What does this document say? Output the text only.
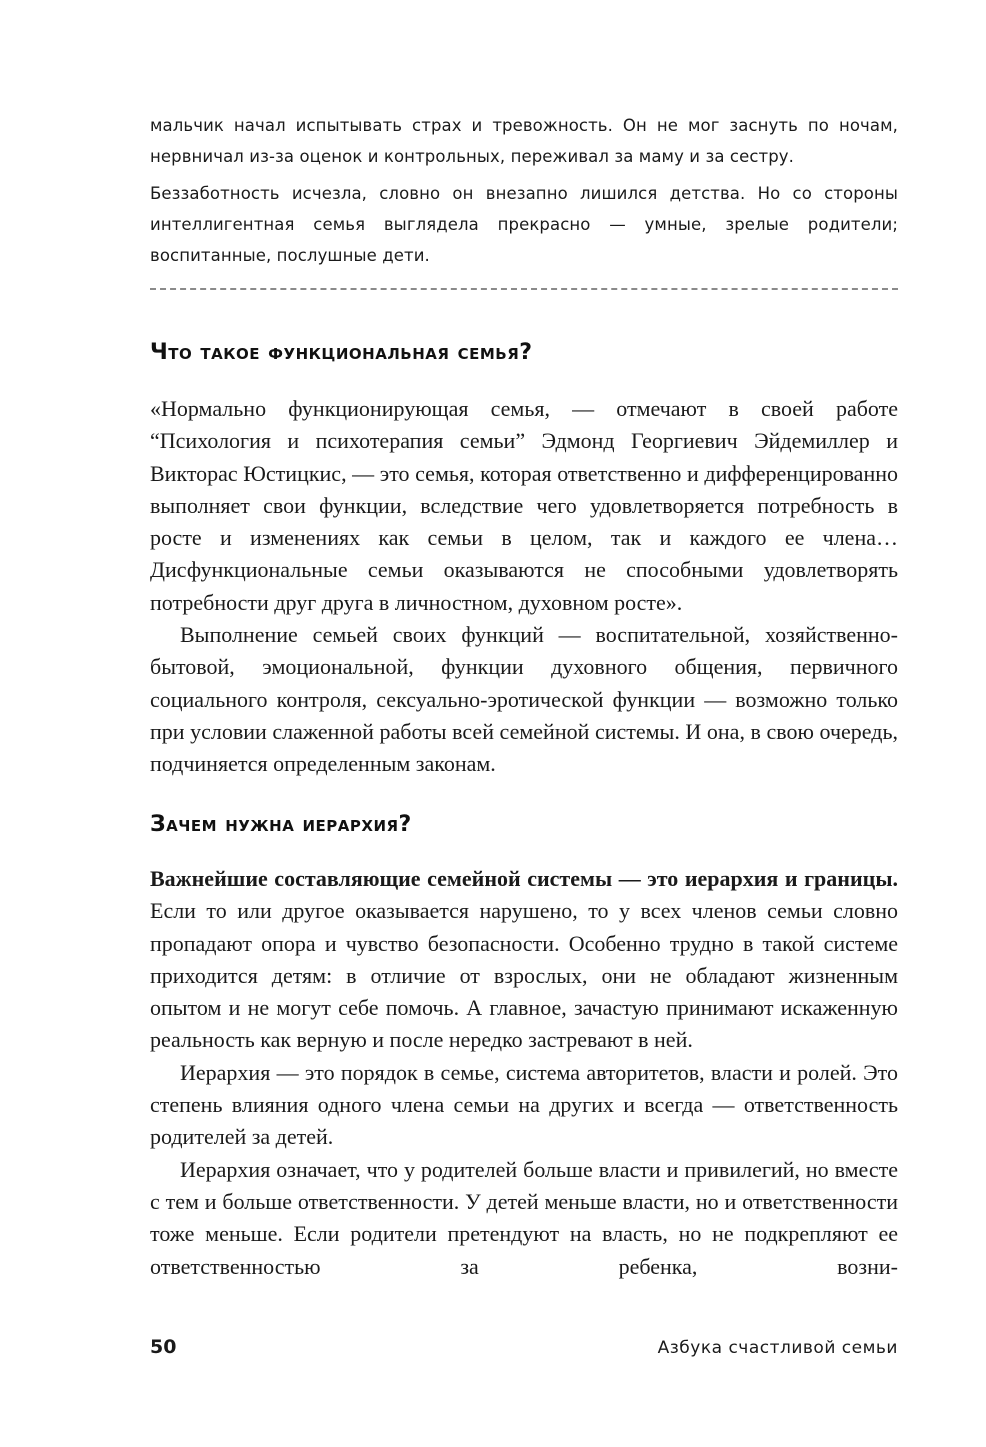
мальчик начал испытывать страх и тревожность. Он не мог заснуть по ночам, нервничал из-за оценок и контрольных, переживал за маму и за сестру.

Беззаботность исчезла, словно он внезапно лишился детства. Но со стороны интеллигентная семья выглядела прекрасно — умные, зрелые родители; воспитанные, послушные дети.

Что такое функциональная семья?

«Нормально функционирующая семья, — отмечают в своей работе “Психология и психотерапия семьи” Эдмонд Георгиевич Эйдемиллер и Викторас Юстицкис, — это семья, которая ответственно и дифференцированно выполняет свои функции, вследствие чего удовлетворяется потребность в росте и изменениях как семьи в целом, так и каждого ее члена… Дисфункциональные семьи оказываются не способными удовлетворять потребности друг друга в личностном, духовном росте».

Выполнение семьей своих функций — воспитательной, хозяйственно-бытовой, эмоциональной, функции духовного общения, первичного социального контроля, сексуально-эротической функции — возможно только при условии слаженной работы всей семейной системы. И она, в свою очередь, подчиняется определенным законам.

Зачем нужна иерархия?

Важнейшие составляющие семейной системы — это иерархия и границы. Если то или другое оказывается нарушено, то у всех членов семьи словно пропадают опора и чувство безопасности. Особенно трудно в такой системе приходится детям: в отличие от взрослых, они не обладают жизненным опытом и не могут себе помочь. А главное, зачастую принимают искаженную реальность как верную и после нередко застревают в ней.

Иерархия — это порядок в семье, система авторитетов, власти и ролей. Это степень влияния одного члена семьи на других и всегда — ответственность родителей за детей.

Иерархия означает, что у родителей больше власти и привилегий, но вместе с тем и больше ответственности. У детей меньше власти, но и ответственности тоже меньше. Если родители претендуют на власть, но не подкрепляют ее ответственностью за ребенка, возни-

50	Азбука счастливой семьи
